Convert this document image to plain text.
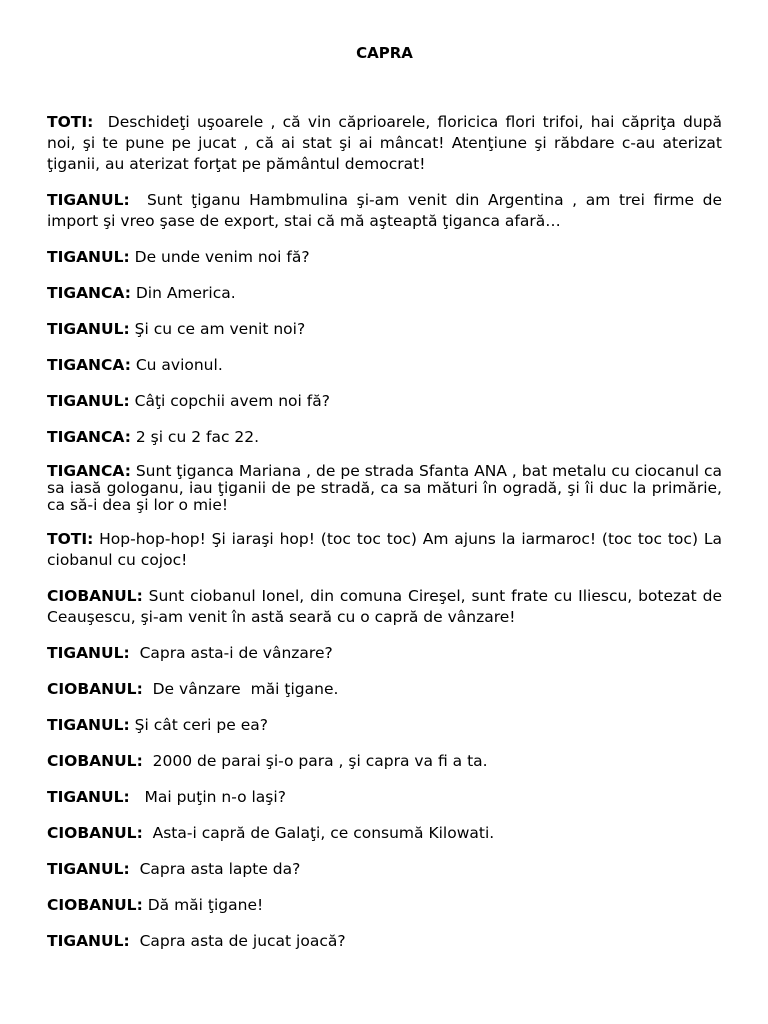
CAPRA

TOTI: Deschideţi uşoarele , că vin căprioarele, floricica flori trifoi, hai căpriţa după noi, şi te pune pe jucat , că ai stat şi ai mâncat! Atenţiune şi răbdare c-au aterizat ţiganii, au aterizat forţat pe pământul democrat!

TIGANUL: Sunt ţiganu Hambmulina şi-am venit din Argentina , am trei firme de import şi vreo şase de export, stai că mă aşteaptă ţiganca afară…

TIGANUL: De unde venim noi fă?

TIGANCA: Din America.

TIGANUL: Şi cu ce am venit noi?

TIGANCA: Cu avionul.

TIGANUL: Câţi copchii avem noi fă?

TIGANCA: 2 şi cu 2 fac 22.

TIGANCA: Sunt ţiganca Mariana , de pe strada Sfanta ANA , bat metalu cu ciocanul ca sa iasă gologanu, iau ţiganii de pe stradă, ca sa mături în ogradă, şi îi duc la primărie, ca să-i dea şi lor o mie!

TOTI: Hop-hop-hop! Şi iaraşi hop! (toc toc toc) Am ajuns la iarmaroc! (toc toc toc) La ciobanul cu cojoc!

CIOBANUL: Sunt ciobanul Ionel, din comuna Cireşel, sunt frate cu Iliescu, botezat de Ceauşescu, şi-am venit în astă seară cu o capră de vânzare!

TIGANUL: Capra asta-i de vânzare?

CIOBANUL: De vânzare  măi ţigane.

TIGANUL: Şi cât ceri pe ea?

CIOBANUL: 2000 de parai şi-o para , şi capra va fi a ta.

TIGANUL: Mai puţin n-o laşi?

CIOBANUL: Asta-i capră de Galaţi, ce consumă Kilowati.

TIGANUL: Capra asta lapte da?

CIOBANUL: Dă măi ţigane!

TIGANUL: Capra asta de jucat joacă?
